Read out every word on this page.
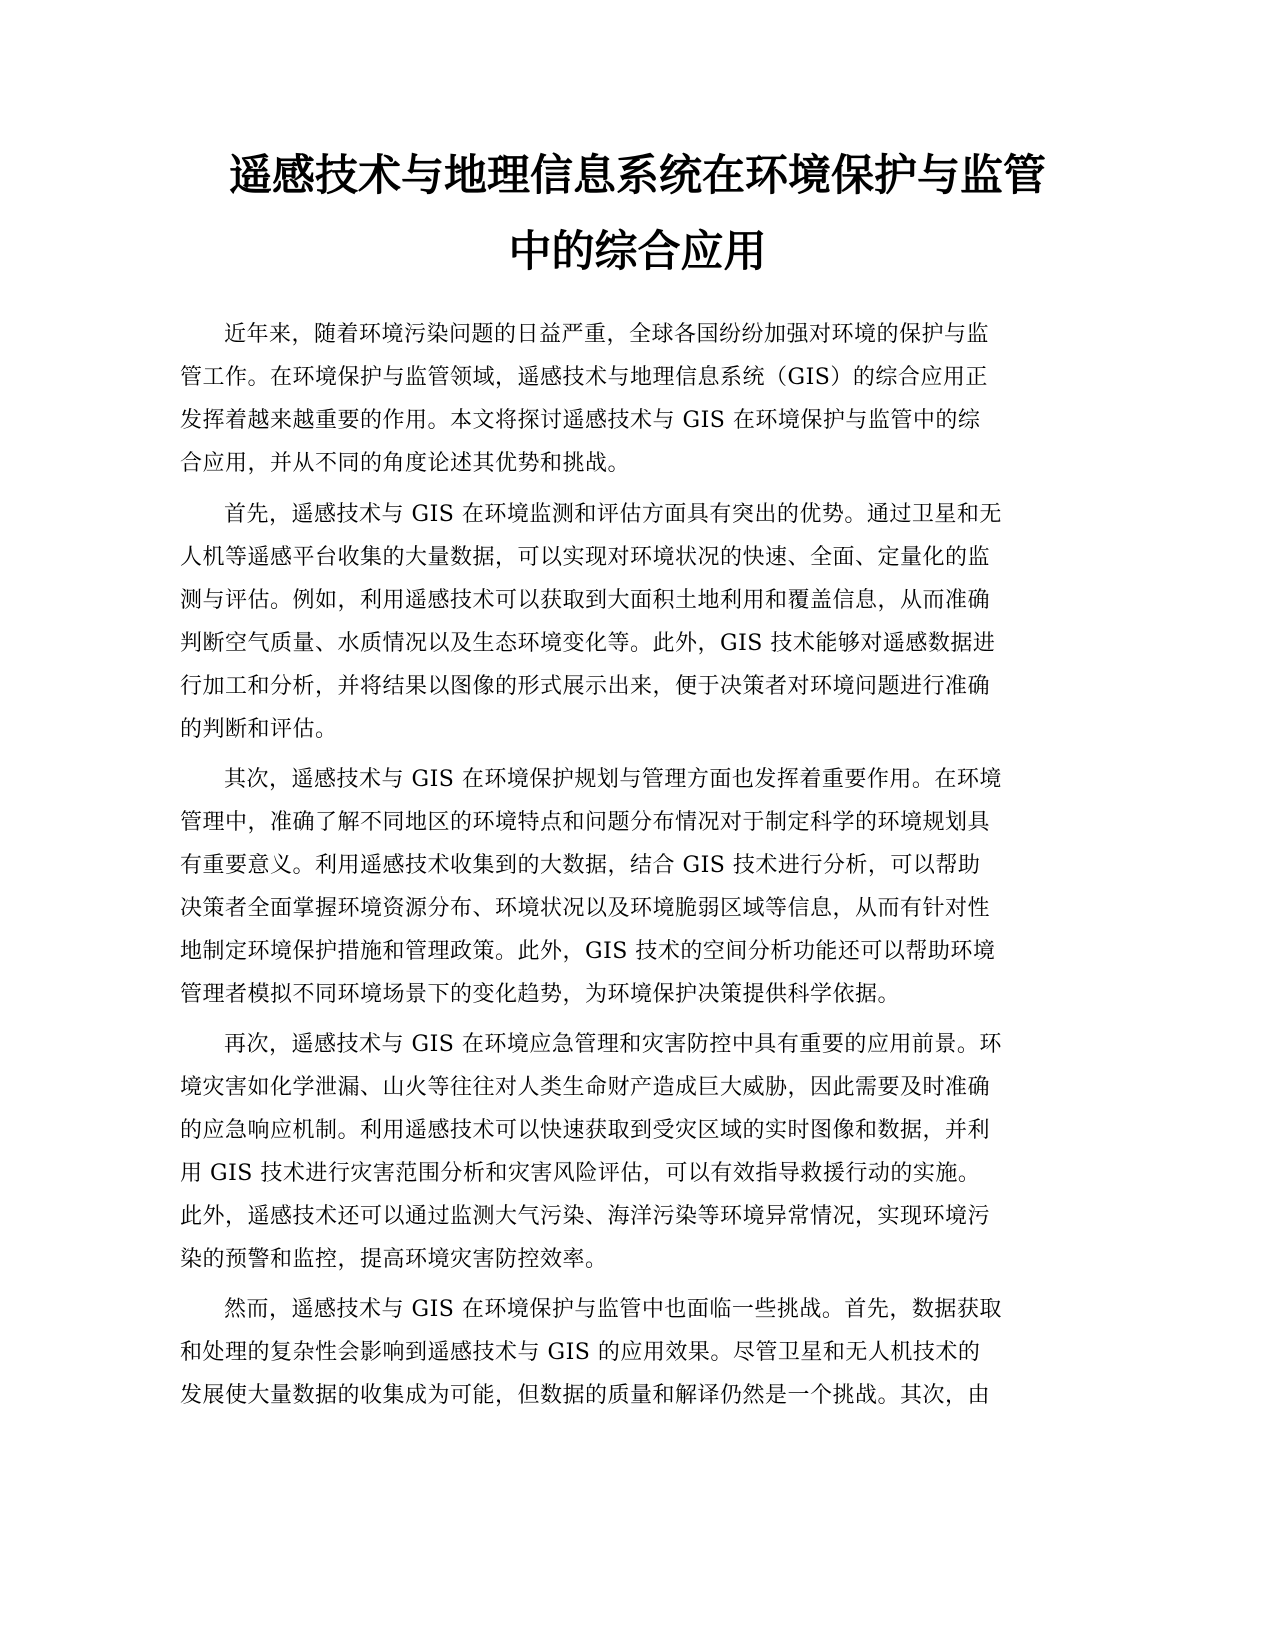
遥感技术与地理信息系统在环境保护与监管
中的综合应用

近年来，随着环境污染问题的日益严重，全球各国纷纷加强对环境的保护与监
管工作。在环境保护与监管领域，遥感技术与地理信息系统（GIS）的综合应用正
发挥着越来越重要的作用。本文将探讨遥感技术与 GIS 在环境保护与监管中的综
合应用，并从不同的角度论述其优势和挑战。

首先，遥感技术与 GIS 在环境监测和评估方面具有突出的优势。通过卫星和无
人机等遥感平台收集的大量数据，可以实现对环境状况的快速、全面、定量化的监
测与评估。例如，利用遥感技术可以获取到大面积土地利用和覆盖信息，从而准确
判断空气质量、水质情况以及生态环境变化等。此外，GIS 技术能够对遥感数据进
行加工和分析，并将结果以图像的形式展示出来，便于决策者对环境问题进行准确
的判断和评估。

其次，遥感技术与 GIS 在环境保护规划与管理方面也发挥着重要作用。在环境
管理中，准确了解不同地区的环境特点和问题分布情况对于制定科学的环境规划具
有重要意义。利用遥感技术收集到的大数据，结合 GIS 技术进行分析，可以帮助
决策者全面掌握环境资源分布、环境状况以及环境脆弱区域等信息，从而有针对性
地制定环境保护措施和管理政策。此外，GIS 技术的空间分析功能还可以帮助环境
管理者模拟不同环境场景下的变化趋势，为环境保护决策提供科学依据。

再次，遥感技术与 GIS 在环境应急管理和灾害防控中具有重要的应用前景。环
境灾害如化学泄漏、山火等往往对人类生命财产造成巨大威胁，因此需要及时准确
的应急响应机制。利用遥感技术可以快速获取到受灾区域的实时图像和数据，并利
用 GIS 技术进行灾害范围分析和灾害风险评估，可以有效指导救援行动的实施。
此外，遥感技术还可以通过监测大气污染、海洋污染等环境异常情况，实现环境污
染的预警和监控，提高环境灾害防控效率。

然而，遥感技术与 GIS 在环境保护与监管中也面临一些挑战。首先，数据获取
和处理的复杂性会影响到遥感技术与 GIS 的应用效果。尽管卫星和无人机技术的
发展使大量数据的收集成为可能，但数据的质量和解译仍然是一个挑战。其次，由
